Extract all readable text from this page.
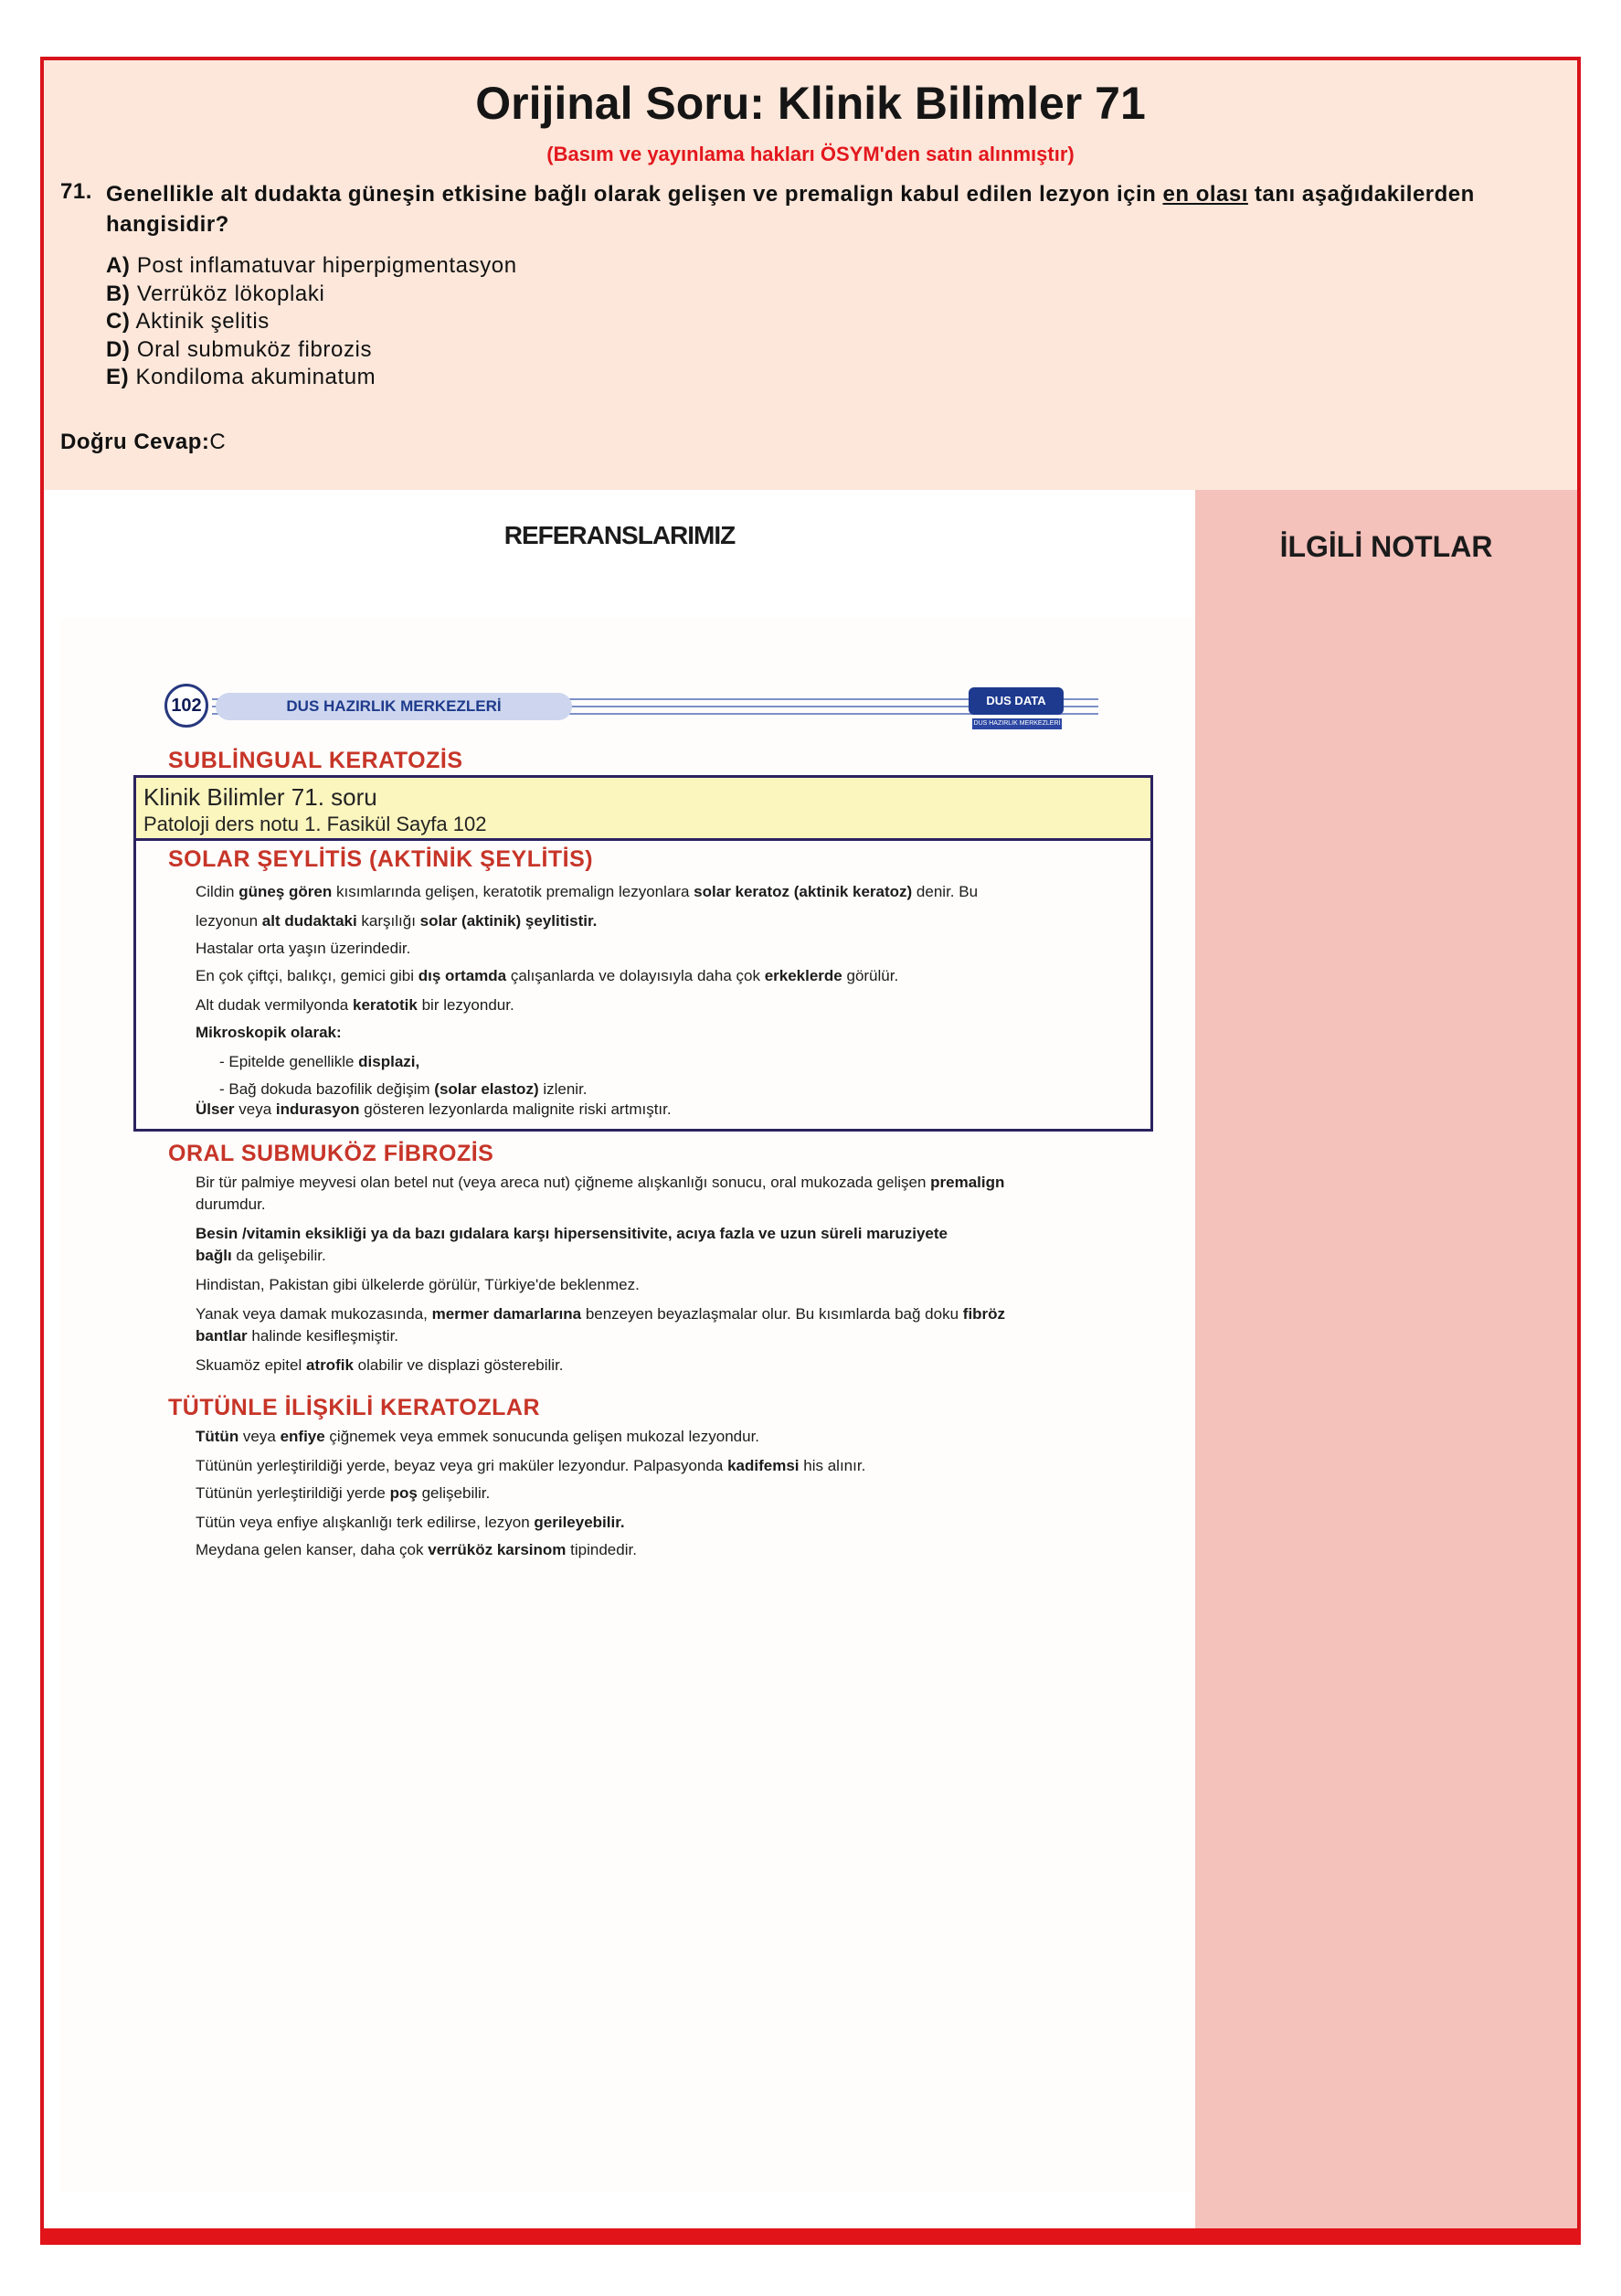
Orijinal Soru: Klinik Bilimler 71
(Basım ve yayınlama hakları ÖSYM'den satın alınmıştır)
71. Genellikle alt dudakta güneşin etkisine bağlı olarak gelişen ve premalign kabul edilen lezyon için en olası tanı aşağıdakilerden hangisidir?
A) Post inflamatuvar hiperpigmentasyon
B) Verrüköz lökoplaki
C) Aktinik şelitis
D) Oral submuköz fibrozis
E) Kondiloma akuminatum
Doğru Cevap:C
REFERANSLARIMIZ	İLGİLİ NOTLAR
DUS HAZIRLIK MERKEZLERİ
102	DUS DATA
DUS HAZIRLIK MERKEZLERİ
SUBLİNGUAL KERATOZİS
Klinik Bilimler 71. soru
Patoloji ders notu 1. Fasikül Sayfa 102
SOLAR ŞEYLİTİS (AKTİNİK ŞEYLİTİS)
Cildin güneş gören kısımlarında gelişen, keratotik premalign lezyonlara solar keratoz (aktinik keratoz) denir. Bu
lezyonun alt dudaktaki karşılığı solar (aktinik) şeylitistir.
Hastalar orta yaşın üzerindedir.
En çok çiftçi, balıkçı, gemici gibi dış ortamda çalışanlarda ve dolayısıyla daha çok erkeklerde görülür.
Alt dudak vermilyonda keratotik bir lezyondur.
Mikroskopik olarak:
- Epitelde genellikle displazi,
- Bağ dokuda bazofilik değişim (solar elastoz) izlenir.
Ülser veya indurasyon gösteren lezyonlarda malignite riski artmıştır.
ORAL SUBMUKÖZ FİBROZİS
Bir tür palmiye meyvesi olan betel nut (veya areca nut) çiğneme alışkanlığı sonucu, oral mukozada gelişen premalign
durumdur.
Besin /vitamin eksikliği ya da bazı gıdalara karşı hipersensitivite, acıya fazla ve uzun süreli maruziyete
bağlı da gelişebilir.
Hindistan, Pakistan gibi ülkelerde görülür, Türkiye'de beklenmez.
Yanak veya damak mukozasında, mermer damarlarına benzeyen beyazlaşmalar olur. Bu kısımlarda bağ doku fibröz
bantlar halinde kesifleşmiştir.
Skuamöz epitel atrofik olabilir ve displazi gösterebilir.
TÜTÜNLE İLİŞKİLİ KERATOZLAR
Tütün veya enfiye çiğnemek veya emmek sonucunda gelişen mukozal lezyondur.
Tütünün yerleştirildiği yerde, beyaz veya gri maküler lezyondur. Palpasyonda kadifemsi his alınır.
Tütünün yerleştirildiği yerde poş gelişebilir.
Tütün veya enfiye alışkanlığı terk edilirse, lezyon gerileyebilir.
Meydana gelen kanser, daha çok verrüköz karsinom tipindedir.
